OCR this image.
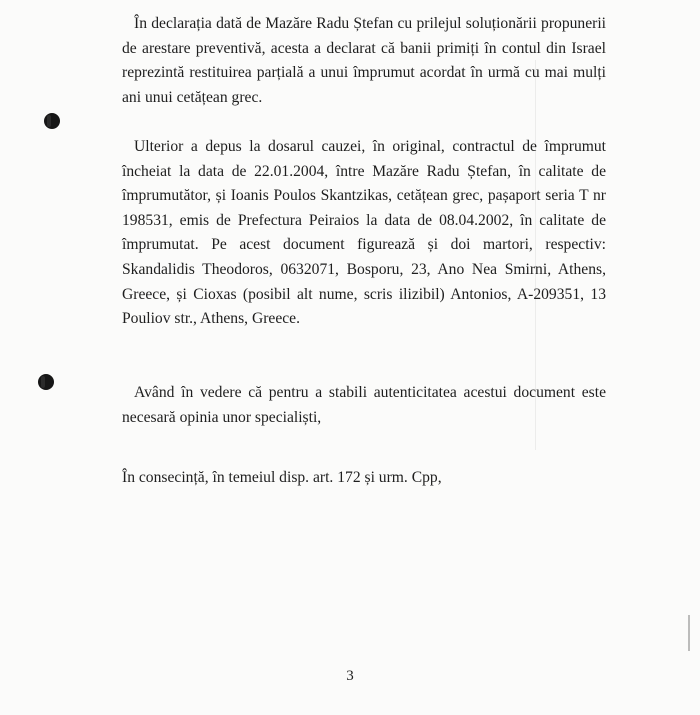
În declarația dată de Mazăre Radu Ștefan cu prilejul soluționării propunerii de arestare preventivă, acesta a declarat că banii primiți în contul din Israel reprezintă restituirea parțială a unui împrumut acordat în urmă cu mai mulți ani unui cetățean grec.

Ulterior a depus la dosarul cauzei, în original, contractul de împrumut încheiat la data de 22.01.2004, între Mazăre Radu Ștefan, în calitate de împrumutător, și Ioanis Poulos Skantzikas, cetățean grec, pașaport seria T nr 198531, emis de Prefectura Peiraios la data de 08.04.2002, în calitate de împrumutat. Pe acest document figurează și doi martori, respectiv: Skandalidis Theodoros, 0632071, Bosporu, 23, Ano Nea Smirni, Athens, Greece, și Cioxas (posibil alt nume, scris ilizibil) Antonios, A-209351, 13 Pouliov str., Athens, Greece.

Având în vedere că pentru a stabili autenticitatea acestui document este necesară opinia unor specialiști,

În consecință, în temeiul disp. art. 172 și urm. Cpp,

3
